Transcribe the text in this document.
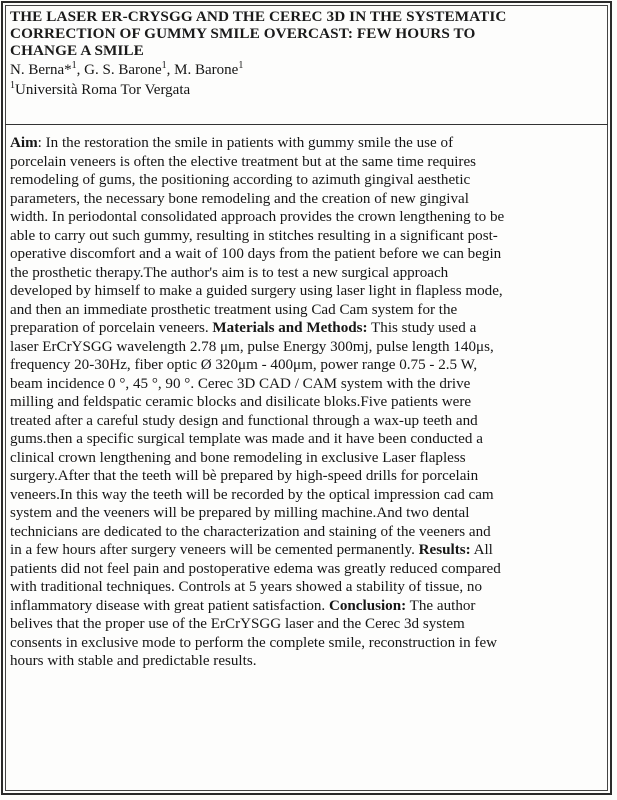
THE LASER ER-CRYSGG AND THE CEREC 3D IN THE SYSTEMATIC
CORRECTION OF GUMMY SMILE OVERCAST: FEW HOURS TO
CHANGE A SMILE
N. Berna*$^1$, G. S. Barone$^1$, M. Barone$^1$
$^1$Università Roma Tor Vergata
Aim: In the restoration the smile in patients with gummy smile the use of
porcelain veneers is often the elective treatment but at the same time requires
remodeling of gums, the positioning according to azimuth gingival aesthetic
parameters, the necessary bone remodeling and the creation of new gingival
width. In periodontal consolidated approach provides the crown lengthening to be
able to carry out such gummy, resulting in stitches resulting in a significant post-
operative discomfort and a wait of 100 days from the patient before we can begin
the prosthetic therapy.The author's aim is to test a new surgical approach
developed by himself to make a guided surgery using laser light in flapless mode,
and then an immediate prosthetic treatment using Cad Cam system for the
preparation of porcelain veneers. Materials and Methods: This study used a
laser ErCrYSGG wavelength 2.78 μm, pulse Energy 300mj, pulse length 140μs,
frequency 20-30Hz, fiber optic Ø 320μm - 400μm, power range 0.75 - 2.5 W,
beam incidence 0 °, 45 °, 90 °. Cerec 3D CAD / CAM system with the drive
milling and feldspatic ceramic blocks and disilicate bloks.Five patients were
treated after a careful study design and functional through a wax-up teeth and
gums.then a specific surgical template was made and it have been conducted a
clinical crown lengthening and bone remodeling in exclusive Laser flapless
surgery.After that the teeth will bè prepared by high-speed drills for porcelain
veneers.In this way the teeth will be recorded by the optical impression cad cam
system and the veeners will be prepared by milling machine.And two dental
technicians are dedicated to the characterization and staining of the veeners and
in a few hours after surgery veneers will be cemented permanently. Results: All
patients did not feel pain and postoperative edema was greatly reduced compared
with traditional techniques. Controls at 5 years showed a stability of tissue, no
inflammatory disease with great patient satisfaction. Conclusion: The author
belives that the proper use of the ErCrYSGG laser and the Cerec 3d system
consents in exclusive mode to perform the complete smile, reconstruction in few
hours with stable and predictable results.
